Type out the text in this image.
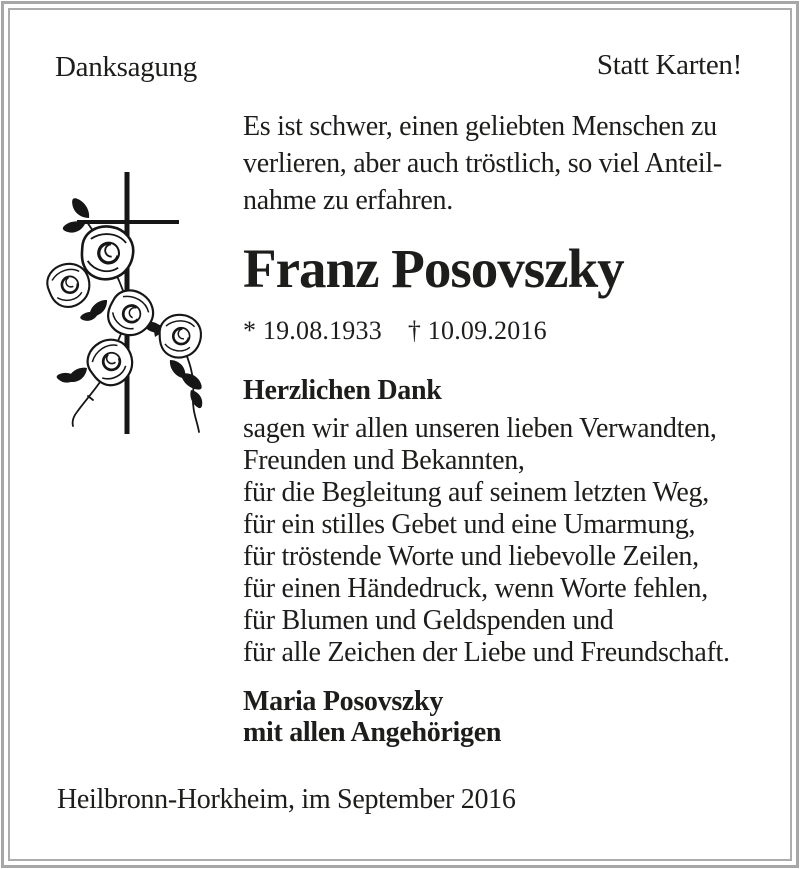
Danksagung	Statt Karten!
Es ist schwer, einen geliebten Menschen zu
verlieren, aber auch tröstlich, so viel Anteil-
nahme zu erfahren.
Franz Posovszky
* 19.08.1933 † 10.09.2016
Herzlichen Dank
sagen wir allen unseren lieben Verwandten,
Freunden und Bekannten,
für die Begleitung auf seinem letzten Weg,
für ein stilles Gebet und eine Umarmung,
für tröstende Worte und liebevolle Zeilen,
für einen Händedruck, wenn Worte fehlen,
für Blumen und Geldspenden und
für alle Zeichen der Liebe und Freundschaft.
Maria Posovszky
mit allen Angehörigen
Heilbronn-Horkheim, im September 2016
